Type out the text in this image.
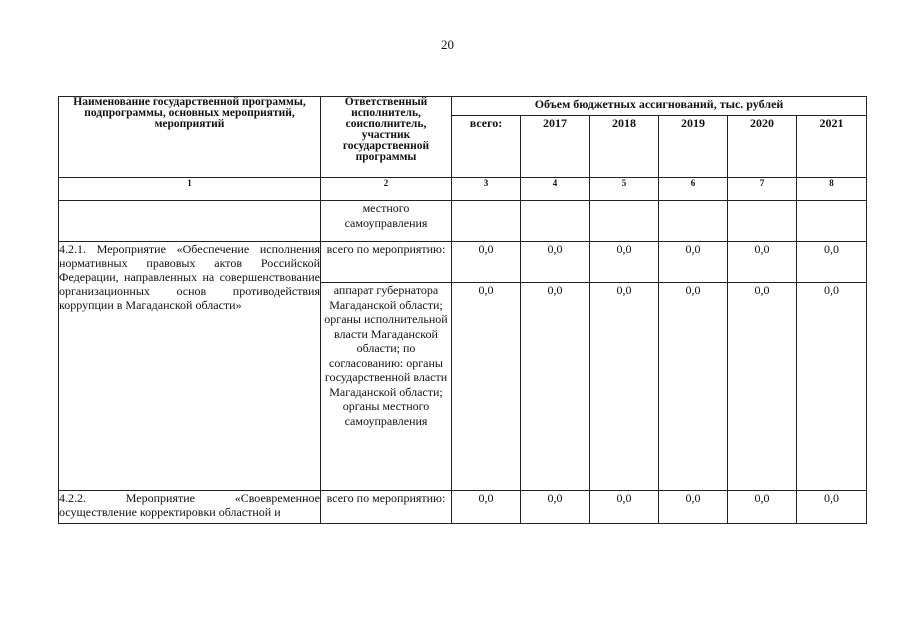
20
Наименование государственной программы, подпрограммы, основных мероприятий, мероприятий	Ответственный исполнитель, соисполнитель, участник государственной программы	Объем бюджетных ассигнований, тыс. рублей					
		всего:	2017	2018	2019	2020	2021
1	2	3	4	5	6	7	8
	местного самоуправления						
4.2.1. Мероприятие «Обеспечение исполнения нормативных правовых актов Российской Федерации, направленных на совершенствование организационных основ противодействия коррупции в Магаданской области»	всего по мероприятию:	0,0	0,0	0,0	0,0	0,0	0,0
	аппарат губернатора Магаданской области; органы исполнительной власти Магаданской области; по согласованию: органы государственной власти Магаданской области; органы местного самоуправления	0,0	0,0	0,0	0,0	0,0	0,0
4.2.2. Мероприятие «Своевременное осуществление корректировки областной и	всего по мероприятию:	0,0	0,0	0,0	0,0	0,0	0,0
